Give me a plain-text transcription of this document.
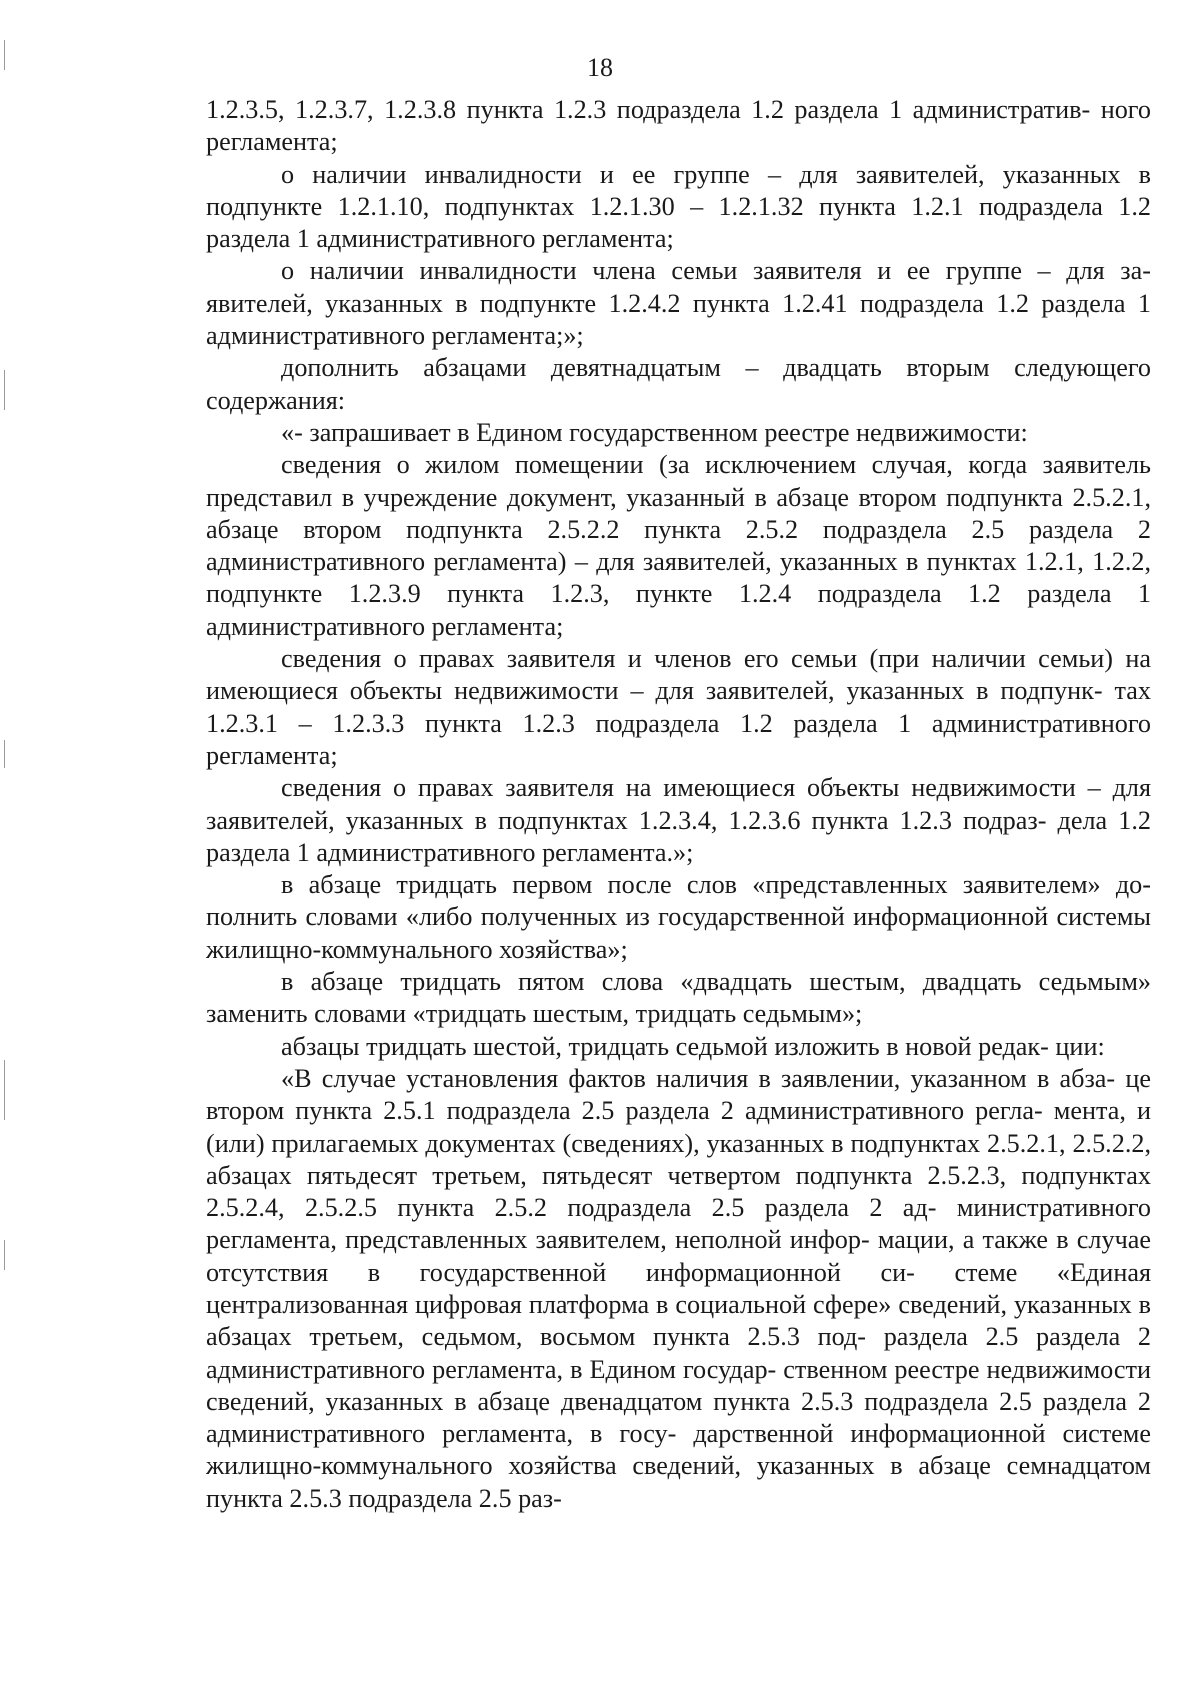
18

1.2.3.5, 1.2.3.7, 1.2.3.8 пункта 1.2.3 подраздела 1.2 раздела 1 административ- ного регламента;

о наличии инвалидности и ее группе – для заявителей, указанных в подпункте 1.2.1.10, подпунктах 1.2.1.30 – 1.2.1.32 пункта 1.2.1 подраздела 1.2 раздела 1 административного регламента;

о наличии инвалидности члена семьи заявителя и ее группе – для за- явителей, указанных в подпункте 1.2.4.2 пункта 1.2.41 подраздела 1.2 раздела 1 административного регламента;»;

дополнить абзацами девятнадцатым – двадцать вторым следующего содержания:

«- запрашивает в Едином государственном реестре недвижимости:

сведения о жилом помещении (за исключением случая, когда заявитель представил в учреждение документ, указанный в абзаце втором подпункта 2.5.2.1, абзаце втором подпункта 2.5.2.2 пункта 2.5.2 подраздела 2.5 раздела 2 административного регламента) – для заявителей, указанных в пунктах 1.2.1, 1.2.2, подпункте 1.2.3.9 пункта 1.2.3, пункте 1.2.4 подраздела 1.2 раздела 1 административного регламента;

сведения о правах заявителя и членов его семьи (при наличии семьи) на имеющиеся объекты недвижимости – для заявителей, указанных в подпунк- тах 1.2.3.1 – 1.2.3.3 пункта 1.2.3 подраздела 1.2 раздела 1 административного регламента;

сведения о правах заявителя на имеющиеся объекты недвижимости – для заявителей, указанных в подпунктах 1.2.3.4, 1.2.3.6 пункта 1.2.3 подраз- дела 1.2 раздела 1 административного регламента.»;

в абзаце тридцать первом после слов «представленных заявителем» до- полнить словами «либо полученных из государственной информационной системы жилищно-коммунального хозяйства»;

в абзаце тридцать пятом слова «двадцать шестым, двадцать седьмым» заменить словами «тридцать шестым, тридцать седьмым»;

абзацы тридцать шестой, тридцать седьмой изложить в новой редак- ции:

«В случае установления фактов наличия в заявлении, указанном в абза- це втором пункта 2.5.1 подраздела 2.5 раздела 2 административного регла- мента, и (или) прилагаемых документах (сведениях), указанных в подпунктах 2.5.2.1, 2.5.2.2, абзацах пятьдесят третьем, пятьдесят четвертом подпункта 2.5.2.3, подпунктах 2.5.2.4, 2.5.2.5 пункта 2.5.2 подраздела 2.5 раздела 2 ад- министративного регламента, представленных заявителем, неполной инфор- мации, а также в случае отсутствия в государственной информационной си- стеме «Единая централизованная цифровая платформа в социальной сфере» сведений, указанных в абзацах третьем, седьмом, восьмом пункта 2.5.3 под- раздела 2.5 раздела 2 административного регламента, в Едином государ- ственном реестре недвижимости сведений, указанных в абзаце двенадцатом пункта 2.5.3 подраздела 2.5 раздела 2 административного регламента, в госу- дарственной информационной системе жилищно-коммунального хозяйства сведений, указанных в абзаце семнадцатом пункта 2.5.3 подраздела 2.5 раз-
